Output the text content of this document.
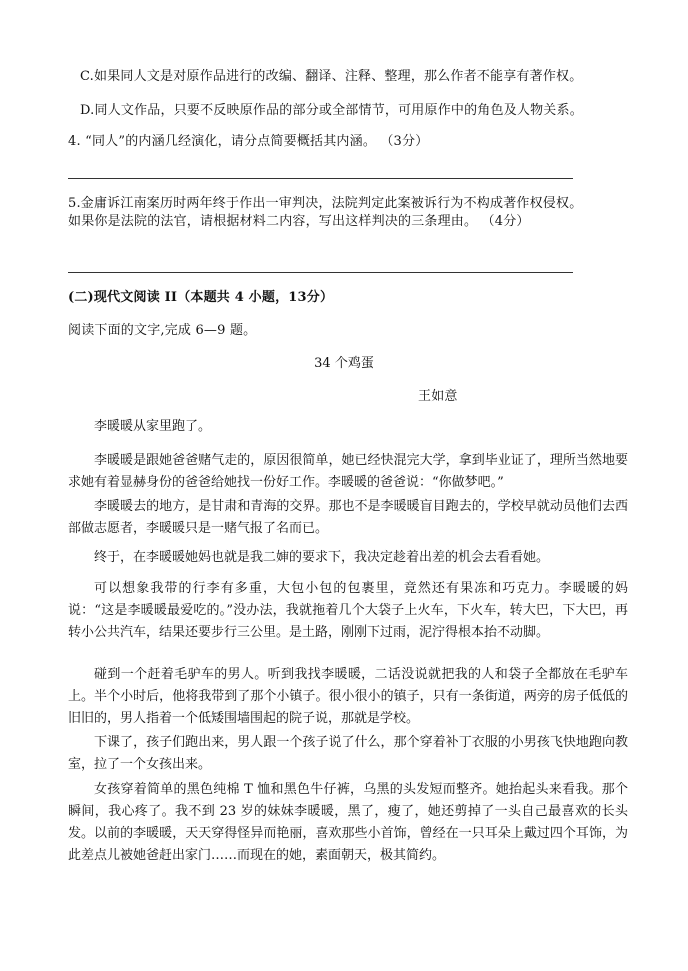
C.如果同人文是对原作品进行的改编、翻译、注释、整理，那么作者不能享有著作权。
D.同人文作品，只要不反映原作品的部分或全部情节，可用原作中的角色及人物关系。
4. “同人”的内涵几经演化，请分点简要概括其内涵。 （3分）
5.金庸诉江南案历时两年终于作出一审判决，法院判定此案被诉行为不构成著作权侵权。
如果你是法院的法官，请根据材料二内容，写出这样判决的三条理由。 （4分）
(二)现代文阅读 II（本题共 4 小题，13分）
阅读下面的文字,完成 6—9 题。
34 个鸡蛋
王如意
李暖暖从家里跑了。
李暖暖是跟她爸爸赌气走的，原因很简单，她已经快混完大学，拿到毕业证了，理所当然地要求她有着显赫身份的爸爸给她找一份好工作。李暖暖的爸爸说：“你做梦吧。”
李暖暖去的地方，是甘肃和青海的交界。那也不是李暖暖盲目跑去的，学校早就动员他们去西部做志愿者，李暖暖只是一赌气报了名而已。
终于，在李暖暖她妈也就是我二婶的要求下，我决定趁着出差的机会去看看她。
可以想象我带的行李有多重，大包小包的包裹里，竟然还有果冻和巧克力。李暖暖的妈说：“这是李暖暖最爱吃的。”没办法，我就拖着几个大袋子上火车，下火车，转大巴，下大巴，再转小公共汽车，结果还要步行三公里。是土路，刚刚下过雨，泥泞得根本抬不动脚。
碰到一个赶着毛驴车的男人。听到我找李暖暖，二话没说就把我的人和袋子全都放在毛驴车上。半个小时后，他将我带到了那个小镇子。很小很小的镇子，只有一条街道，两旁的房子低低的旧旧的，男人指着一个低矮围墙围起的院子说，那就是学校。
下课了，孩子们跑出来，男人跟一个孩子说了什么，那个穿着补丁衣服的小男孩飞快地跑向教室，拉了一个女孩出来。
女孩穿着简单的黑色纯棉 T 恤和黑色牛仔裤，乌黑的头发短而整齐。她抬起头来看我。那个瞬间，我心疼了。我不到 23 岁的妹妹李暖暖，黑了，瘦了，她还剪掉了一头自己最喜欢的长头发。以前的李暖暖，天天穿得怪异而艳丽，喜欢那些小首饰，曾经在一只耳朵上戴过四个耳饰，为此差点儿被她爸赶出家门……而现在的她，素面朝天，极其简约。
